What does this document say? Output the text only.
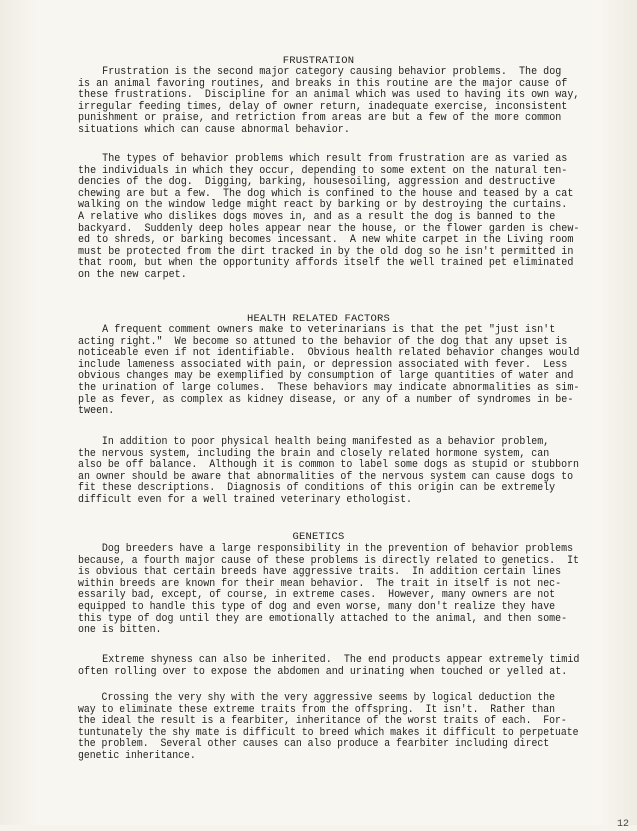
FRUSTRATION
Frustration is the second major category causing behavior problems.  The dog
is an animal favoring routines, and breaks in this routine are the major cause of
these frustrations.  Discipline for an animal which was used to having its own way,
irregular feeding times, delay of owner return, inadequate exercise, inconsistent
punishment or praise, and retriction from areas are but a few of the more common
situations which can cause abnormal behavior.
The types of behavior problems which result from frustration are as varied as
the individuals in which they occur, depending to some extent on the natural ten-
dencies of the dog.  Digging, barking, housesoiling, aggression and destructive
chewing are but a few.  The dog which is confined to the house and teased by a cat
walking on the window ledge might react by barking or by destroying the curtains.
A relative who dislikes dogs moves in, and as a result the dog is banned to the
backyard.  Suddenly deep holes appear near the house, or the flower garden is chew-
ed to shreds, or barking becomes incessant.  A new white carpet in the Living room
must be protected from the dirt tracked in by the old dog so he isn't permitted in
that room, but when the opportunity affords itself the well trained pet eliminated
on the new carpet.
HEALTH RELATED FACTORS
A frequent comment owners make to veterinarians is that the pet "just isn't
acting right."  We become so attuned to the behavior of the dog that any upset is
noticeable even if not identifiable.  Obvious health related behavior changes would
include lameness associated with pain, or depression associated with fever.  Less
obvious changes may be exemplified by consumption of large quantities of water and
the urination of large columes.  These behaviors may indicate abnormalities as sim-
ple as fever, as complex as kidney disease, or any of a number of syndromes in be-
tween.
In addition to poor physical health being manifested as a behavior problem,
the nervous system, including the brain and closely related hormone system, can
also be off balance.  Although it is common to label some dogs as stupid or stubborn
an owner should be aware that abnormalities of the nervous system can cause dogs to
fit these descriptions.  Diagnosis of conditions of this origin can be extremely
difficult even for a well trained veterinary ethologist.
GENETICS
Dog breeders have a large responsibility in the prevention of behavior problems
because, a fourth major cause of these problems is directly related to genetics.  It
is obvious that certain breeds have aggressive traits.  In addition certain lines
within breeds are known for their mean behavior.  The trait in itself is not nec-
essarily bad, except, of course, in extreme cases.  However, many owners are not
equipped to handle this type of dog and even worse, many don't realize they have
this type of dog until they are emotionally attached to the animal, and then some-
one is bitten.
Extreme shyness can also be inherited.  The end products appear extremely timid
often rolling over to expose the abdomen and urinating when touched or yelled at.
Crossing the very shy with the very aggressive seems by logical deduction the
way to eliminate these extreme traits from the offspring.  It isn't.  Rather than
the ideal the result is a fearbiter, inheritance of the worst traits of each.  For-
tuntunately the shy mate is difficult to breed which makes it difficult to perpetuate
the problem.  Several other causes can also produce a fearbiter including direct
genetic inheritance.
12
